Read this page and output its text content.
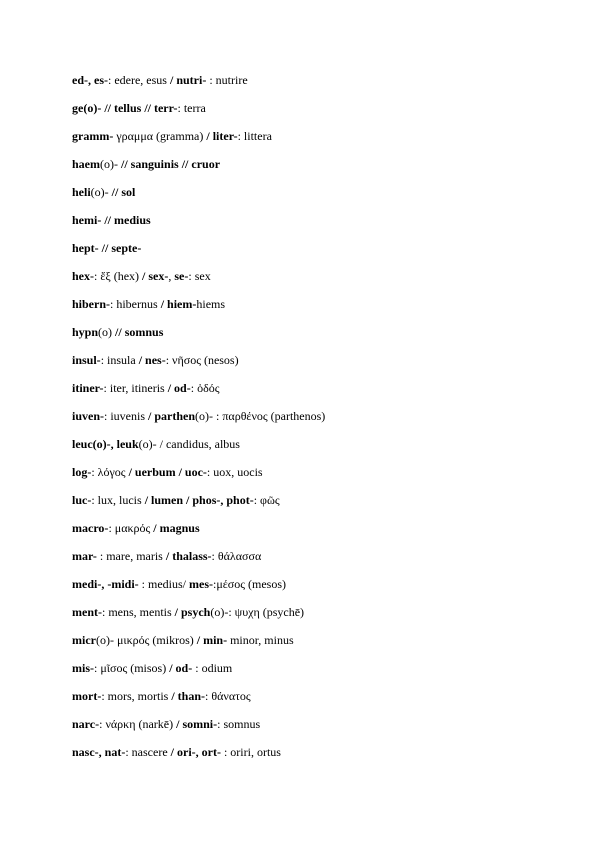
ed-, es-: edere, esus / nutri- : nutrire
ge(o)- // tellus // terr-: terra
gramm- γραμμα (gramma) / liter-: littera
haem(o)- // sanguinis // cruor
heli(o)- // sol
hemi- // medius
hept- // septe-
hex-: ἕξ (hex) / sex-, se-: sex
hibern-: hibernus / hiem-hiems
hypn(o) // somnus
insul-: insula / nes-: νῆσος (nesos)
itiner-: iter, itineris / od-: ὁδός
iuven-: iuvenis / parthen(o)- : παρθένος (parthenos)
leuc(o)-, leuk(o)- / candidus, albus
log-: λόγος / uerbum / uoc-: uox, uocis
luc-: lux, lucis / lumen / phos-, phot-: φῶς
macro-: μακρός / magnus
mar- : mare, maris / thalass-: θάλασσα
medi-, -midi- : medius/ mes-:μέσος (mesos)
ment-: mens, mentis / psych(o)-: ψυχη (psychē)
micr(o)- μικρός (mikros) / min- minor, minus
mis-: μῖσος (misos) / od- : odium
mort-: mors, mortis / than-: θάνατος
narc-: νάρκη (narkē) / somni-: somnus
nasc-, nat-: nascere / ori-, ort- : oriri, ortus
